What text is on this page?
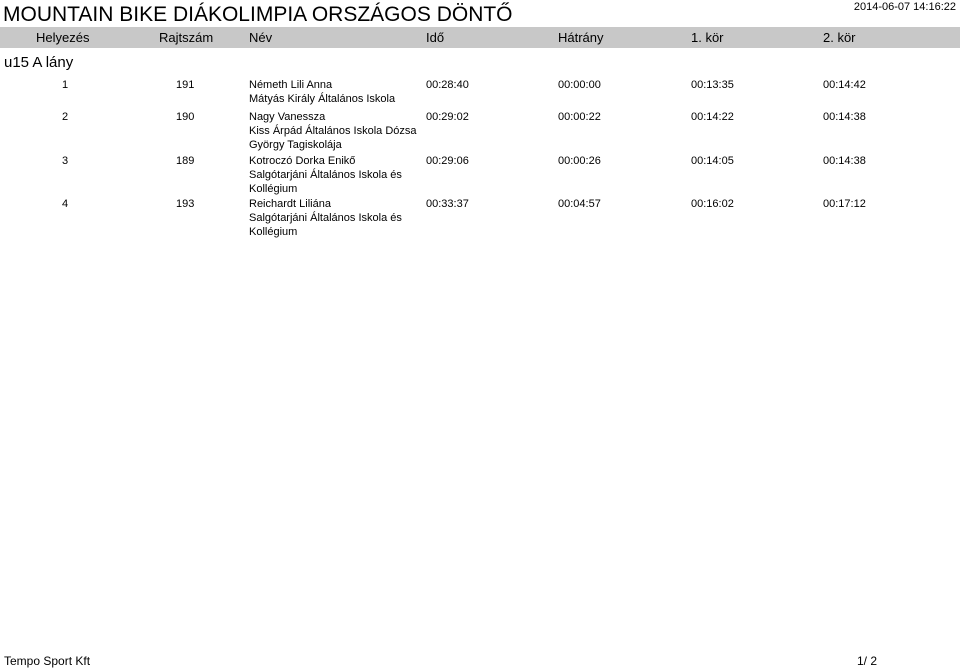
MOUNTAIN BIKE DIÁKOLIMPIA ORSZÁGOS DÖNTŐ	2014-06-07 14:16:22
Helyezés	Rajtszám	Név	Idő	Hátrány	1. kör	2. kör
u15 A lány
1	191	Németh Lili Anna
Mátyás Király Általános Iskola
00:28:40	00:00:00	00:13:35	00:14:42
2	190	Nagy Vanessza
Kiss Árpád Általános Iskola Dózsa György Tagiskolája
00:29:02	00:00:22	00:14:22	00:14:38
3	189	Kotroczó Dorka Enikő
Salgótarjáni Általános Iskola és Kollégium
00:29:06	00:00:26	00:14:05	00:14:38
4	193	Reichardt Liliána
Salgótarjáni Általános Iskola és Kollégium
00:33:37	00:04:57	00:16:02	00:17:12
Tempo Sport Kft	1/ 2
